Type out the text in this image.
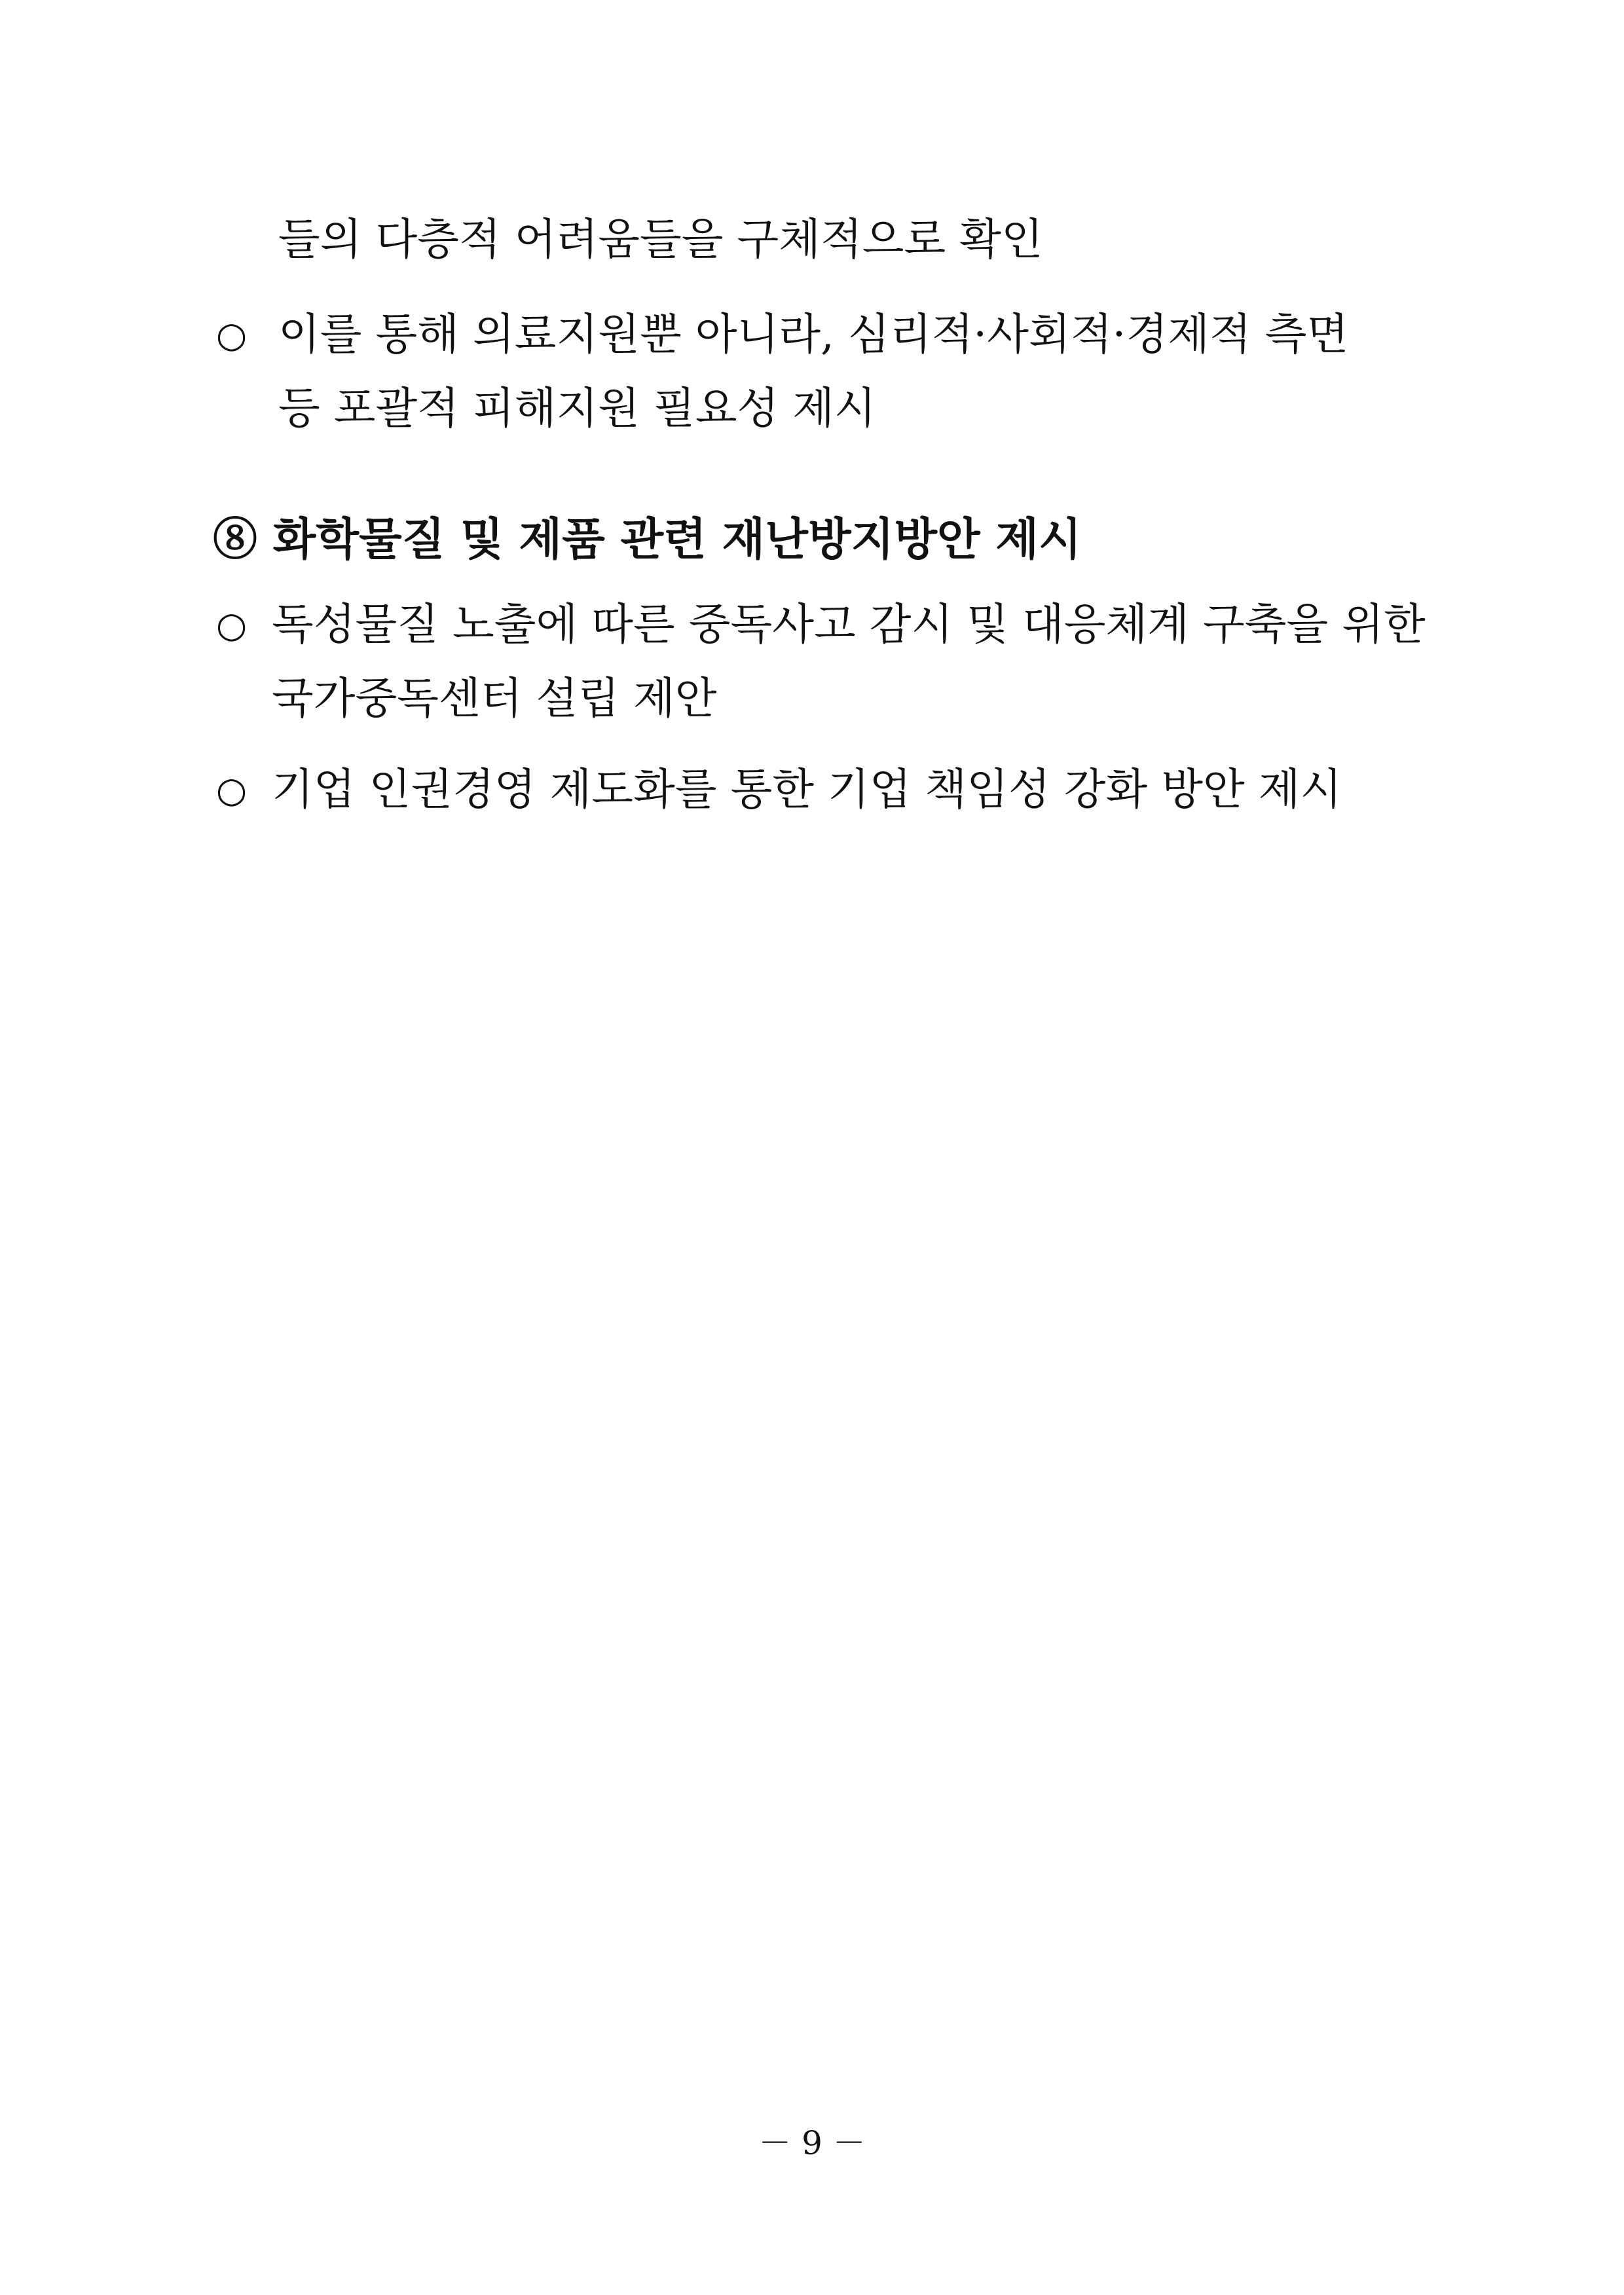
들의 다층적 어려움들을 구체적으로 확인
○ 이를 통해 의료지원뿐 아니라, 심리적·사회적·경제적 측면
등 포괄적 피해지원 필요성 제시
⑧ 화학물질 및 제품 관련 재난방지방안 제시
○ 독성물질 노출에 따른 중독사고 감시 및 대응체계 구축을 위한
국가중독센터 설립 제안
○ 기업 인권경영 제도화를 통한 기업 책임성 강화 방안 제시
－ 9 －
